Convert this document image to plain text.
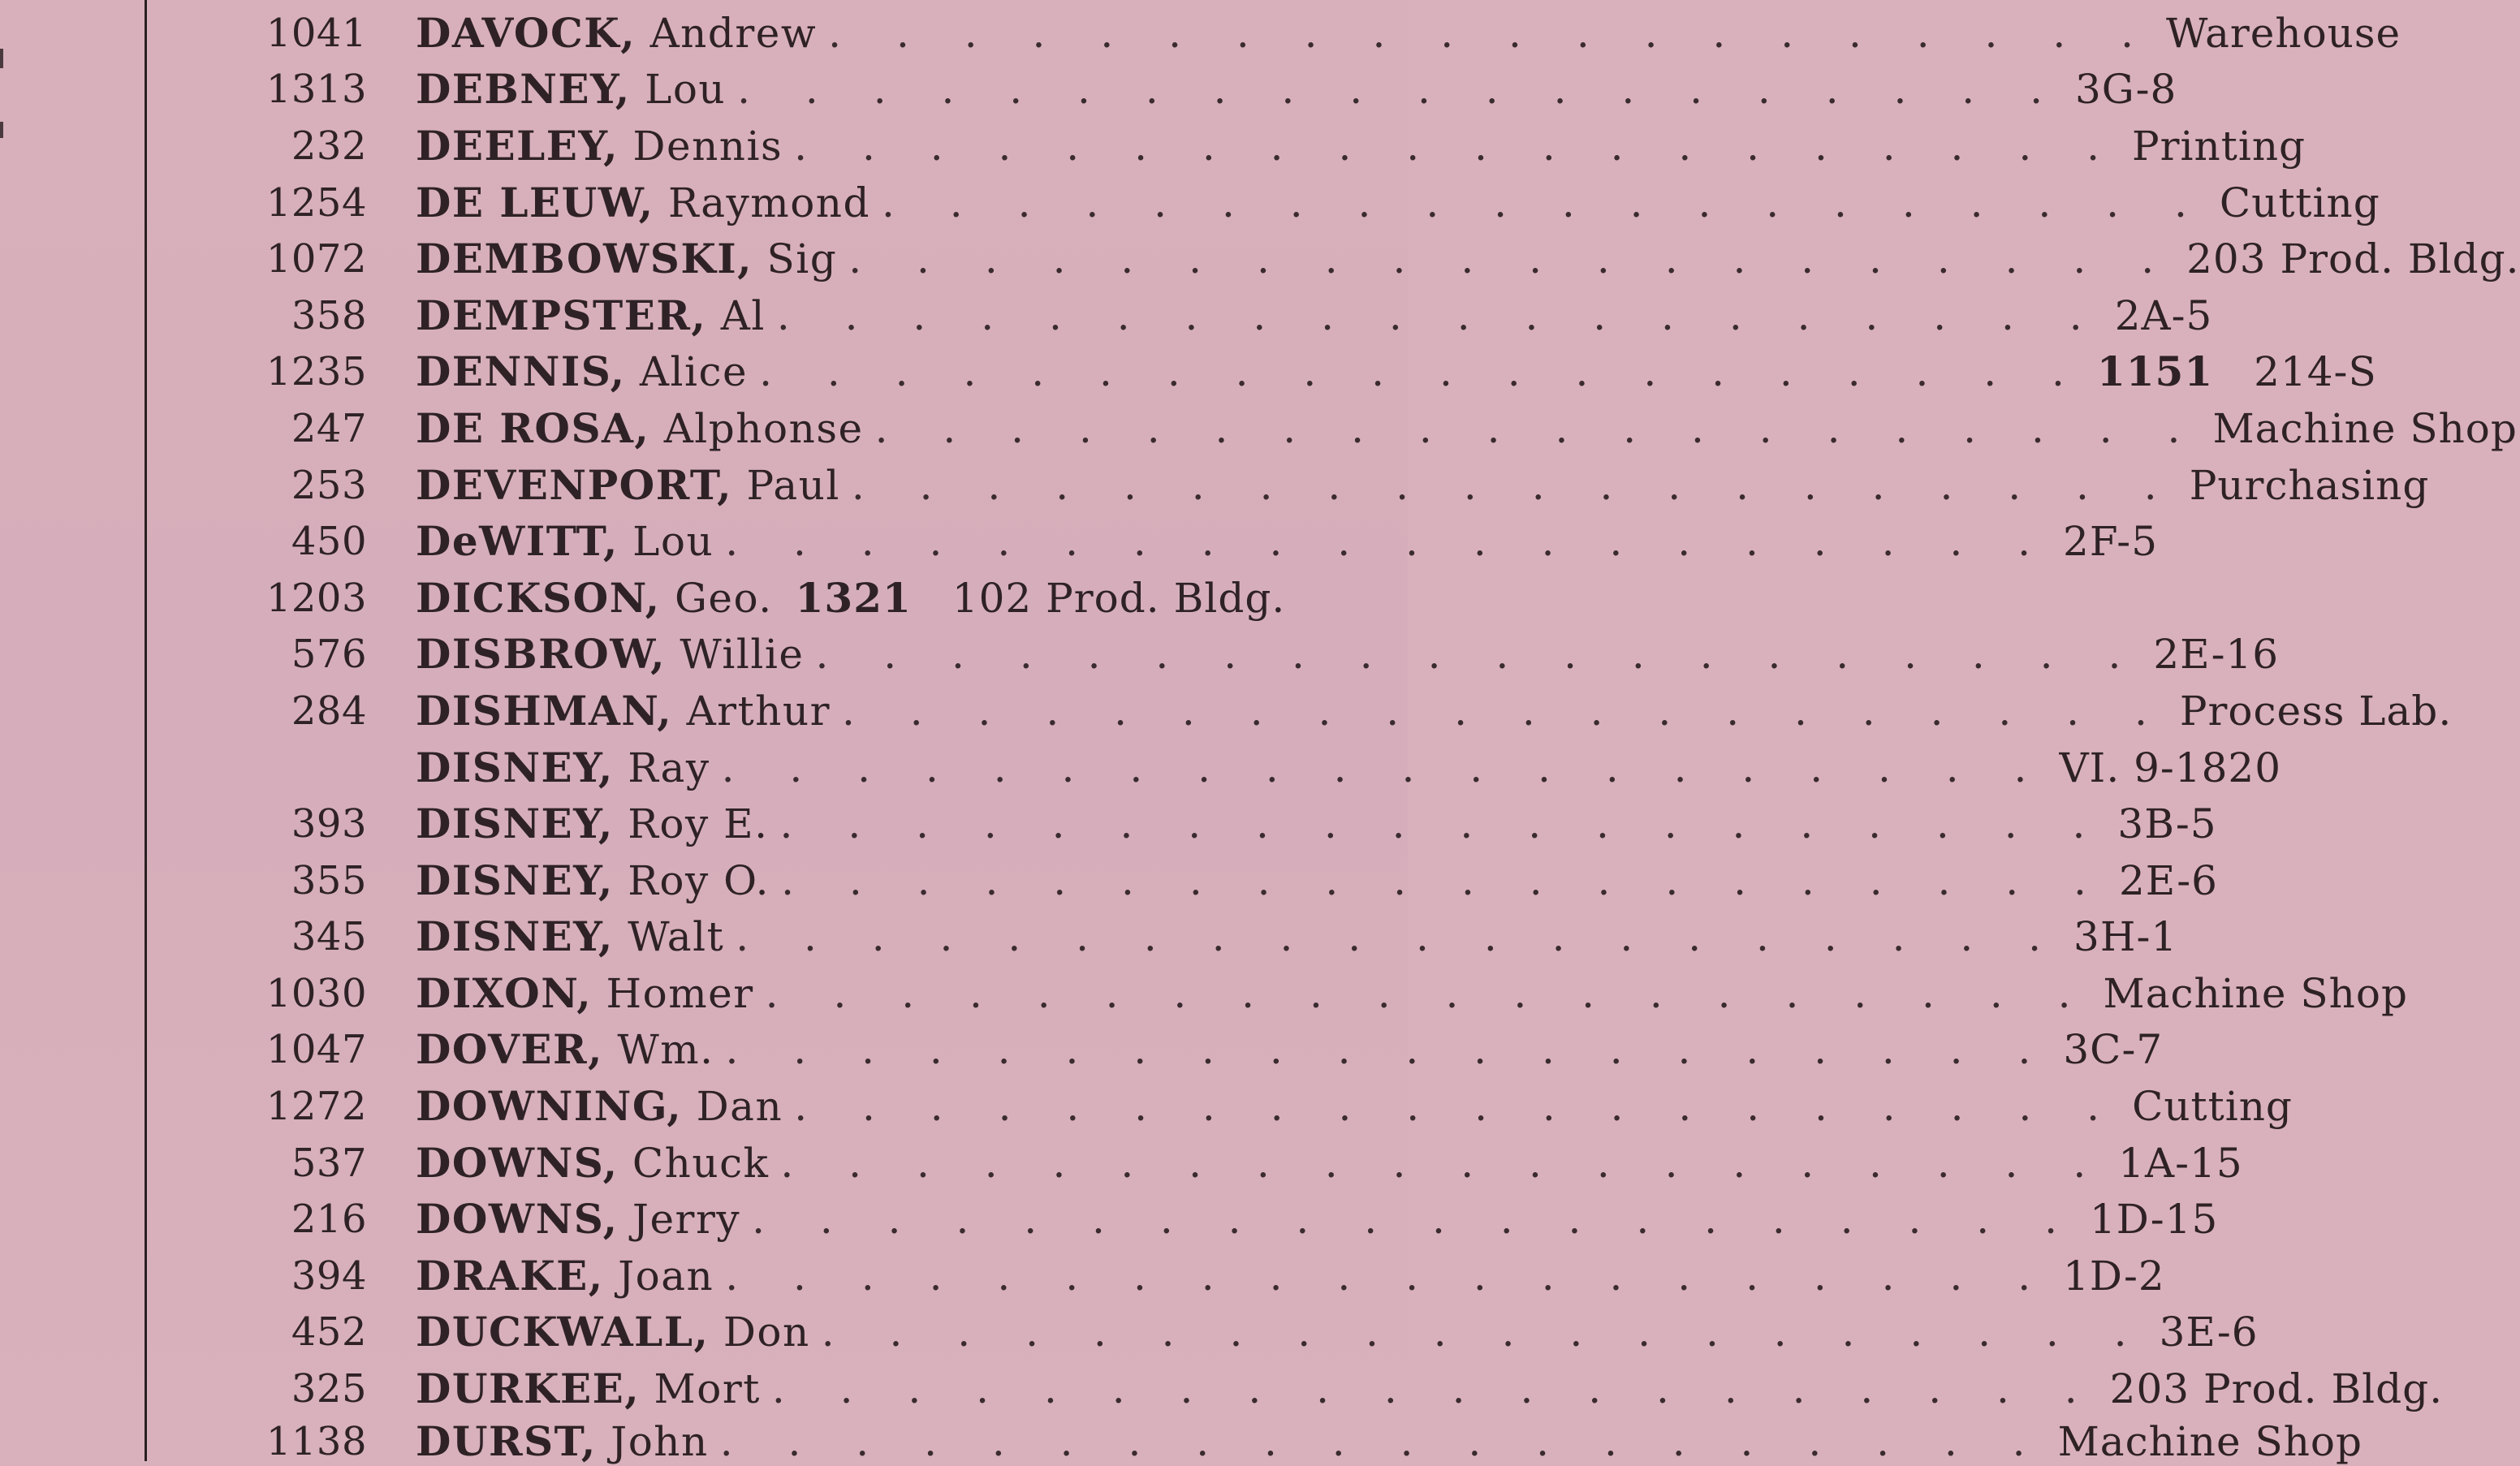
1041 DAVOCK, Andrew . . . . . . . . . . . . . . . . . . . . Warehouse
1313 DEBNEY, Lou . . . . . . . . . . . . . . . . . . . . 3G-8
232 DEELEY, Dennis . . . . . . . . . . . . . . . . . . . . Printing
1254 DE LEUW, Raymond . . . . . . . . . . . . . . . . . . . . Cutting
1072 DEMBOWSKI, Sig . . . . . . . . . . . . . . . . . . . . 203 Prod. Bldg.
358 DEMPSTER, Al . . . . . . . . . . . . . . . . . . . . 2A-5
1235 DENNIS, Alice . . . . . . . . . . . . . . . . . . . . 1151 214-S
247 DE ROSA, Alphonse . . . . . . . . . . . . . . . . . . . . Machine Shop
253 DEVENPORT, Paul . . . . . . . . . . . . . . . . . . . . Purchasing
450 DeWITT, Lou . . . . . . . . . . . . . . . . . . . . 2F-5
1203 DICKSON, Geo. 1321 102 Prod. Bldg.
576 DISBROW, Willie . . . . . . . . . . . . . . . . . . . . 2E-16
284 DISHMAN, Arthur . . . . . . . . . . . . . . . . . . . . Process Lab.
DISNEY, Ray . . . . . . . . . . . . . . . . . . . . VI. 9-1820
393 DISNEY, Roy E. . . . . . . . . . . . . . . . . . . . . 3B-5
355 DISNEY, Roy O. . . . . . . . . . . . . . . . . . . . . 2E-6
345 DISNEY, Walt . . . . . . . . . . . . . . . . . . . . 3H-1
1030 DIXON, Homer . . . . . . . . . . . . . . . . . . . . Machine Shop
1047 DOVER, Wm. . . . . . . . . . . . . . . . . . . . . 3C-7
1272 DOWNING, Dan . . . . . . . . . . . . . . . . . . . . Cutting
537 DOWNS, Chuck . . . . . . . . . . . . . . . . . . . . 1A-15
216 DOWNS, Jerry . . . . . . . . . . . . . . . . . . . . 1D-15
394 DRAKE, Joan . . . . . . . . . . . . . . . . . . . . 1D-2
452 DUCKWALL, Don . . . . . . . . . . . . . . . . . . . . 3E-6
325 DURKEE, Mort . . . . . . . . . . . . . . . . . . . . 203 Prod. Bldg.
1138 DURST, John . . . . . . . . . . . . . . . . . . . . Machine Shop
